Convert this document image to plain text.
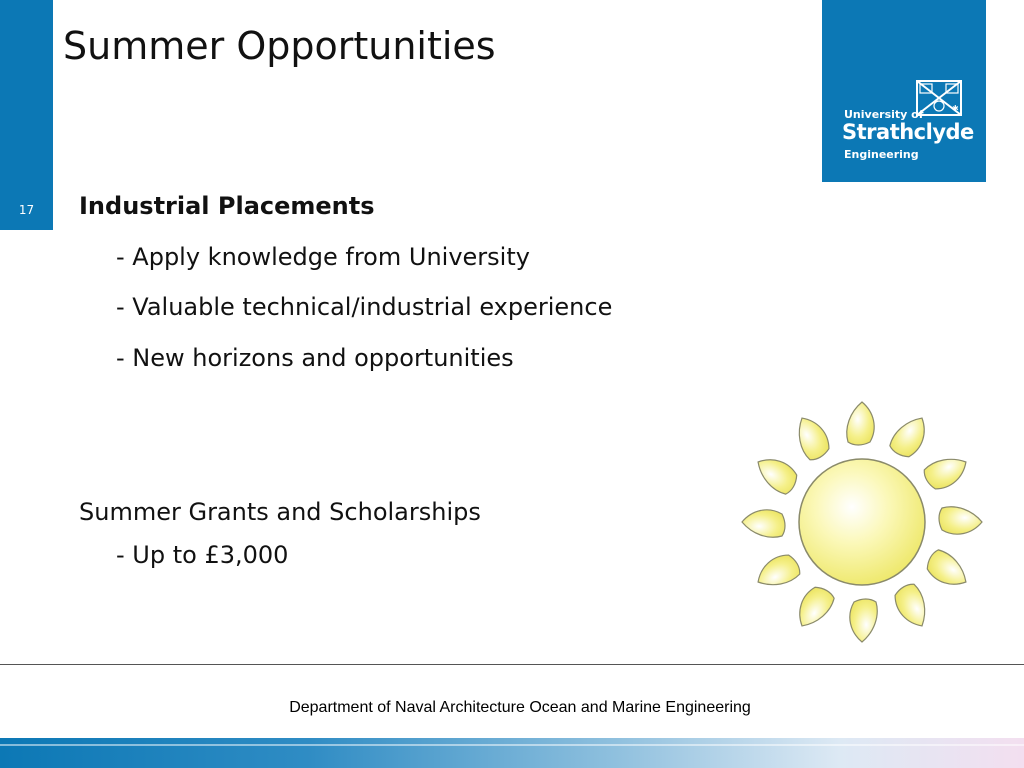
17
Summer Opportunities
✱
University of
Strathclyde
Engineering
Industrial Placements
- Apply knowledge from University
- Valuable technical/industrial experience
- New horizons and opportunities
Summer Grants and Scholarships
- Up to £3,000
Department of Naval Architecture Ocean and Marine Engineering
